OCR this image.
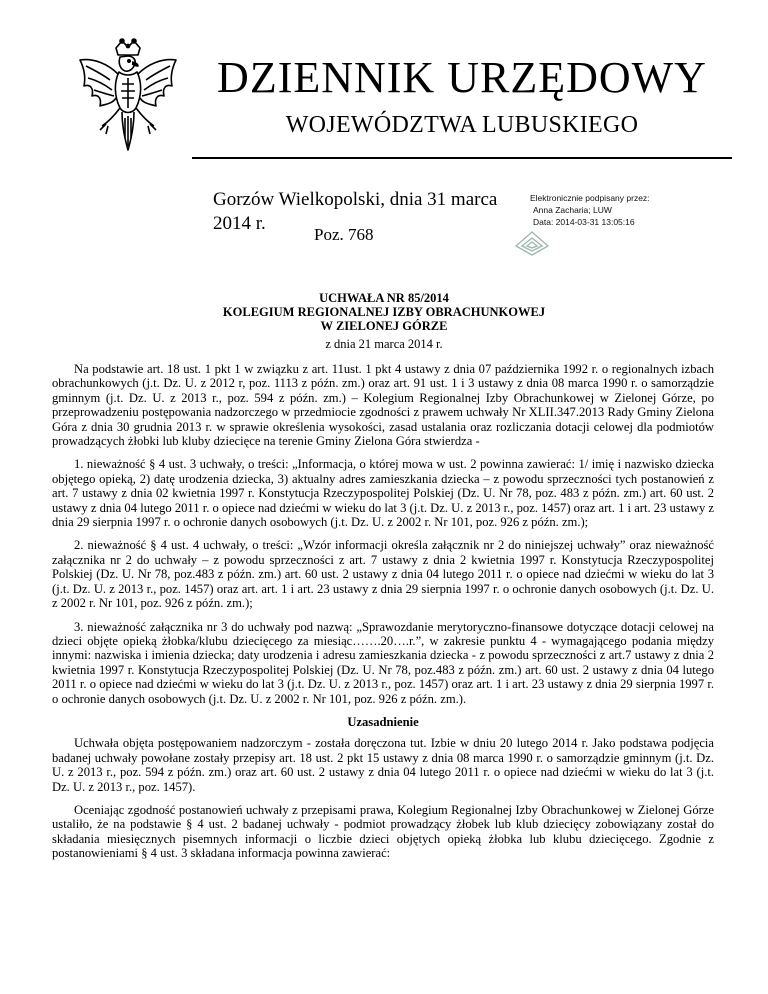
DZIENNIK URZĘDOWY
WOJEWÓDZTWA LUBUSKIEGO
Gorzów Wielkopolski, dnia 31 marca 2014 r.
Poz. 768
Elektronicznie podpisany przez:
Anna Zacharia; LUW
Data: 2014-03-31 13:05:16
UCHWAŁA NR 85/2014
KOLEGIUM REGIONALNEJ IZBY OBRACHUNKOWEJ
W ZIELONEJ GÓRZE
z dnia 21 marca 2014 r.

Na podstawie art. 18 ust. 1 pkt 1 w związku z art. 11ust. 1 pkt 4 ustawy z dnia 07 października 1992 r. o regionalnych izbach obrachunkowych (j.t. Dz. U. z 2012 r, poz. 1113 z późn. zm.) oraz art. 91 ust. 1 i 3 ustawy z dnia 08 marca 1990 r. o samorządzie gminnym (j.t. Dz. U. z 2013 r., poz. 594 z późn. zm.) – Kolegium Regionalnej Izby Obrachunkowej w Zielonej Górze, po przeprowadzeniu postępowania nadzorczego w przedmiocie zgodności z prawem uchwały Nr XLII.347.2013 Rady Gminy Zielona Góra z dnia 30 grudnia 2013 r. w sprawie określenia wysokości, zasad ustalania oraz rozliczania dotacji celowej dla podmiotów prowadzących żłobki lub kluby dziecięce na terenie Gminy Zielona Góra stwierdza -

1. nieważność § 4 ust. 3 uchwały, o treści: „Informacja, o której mowa w ust. 2 powinna zawierać: 1/ imię i nazwisko dziecka objętego opieką, 2) datę urodzenia dziecka, 3) aktualny adres zamieszkania dziecka – z powodu sprzeczności tych postanowień z art. 7 ustawy z dnia 02 kwietnia 1997 r. Konstytucja Rzeczypospolitej Polskiej (Dz. U. Nr 78, poz. 483 z późn. zm.) art. 60 ust. 2 ustawy z dnia 04 lutego 2011 r. o opiece nad dziećmi w wieku do lat 3 (j.t. Dz. U. z 2013 r., poz. 1457) oraz art. 1 i art. 23 ustawy z dnia 29 sierpnia 1997 r. o ochronie danych osobowych (j.t. Dz. U. z 2002 r. Nr 101, poz. 926 z późn. zm.);

2. nieważność § 4 ust. 4 uchwały, o treści: „Wzór informacji określa załącznik nr 2 do niniejszej uchwały” oraz nieważność załącznika nr 2 do uchwały – z powodu sprzeczności z art. 7 ustawy z dnia 2 kwietnia 1997 r. Konstytucja Rzeczypospolitej Polskiej (Dz. U. Nr 78, poz.483 z późn. zm.) art. 60 ust. 2 ustawy z dnia 04 lutego 2011 r. o opiece nad dziećmi w wieku do lat 3 (j.t. Dz. U. z 2013 r., poz. 1457) oraz art. art. 1 i art. 23 ustawy z dnia 29 sierpnia 1997 r. o ochronie danych osobowych (j.t. Dz. U. z 2002 r. Nr 101, poz. 926 z późn. zm.);

3. nieważność załącznika nr 3 do uchwały pod nazwą: „Sprawozdanie merytoryczno-finansowe dotyczące dotacji celowej na dzieci objęte opieką żłobka/klubu dziecięcego za miesiąc…….20….r.”, w zakresie punktu 4 - wymagającego podania między innymi: nazwiska i imienia dziecka; daty urodzenia i adresu zamieszkania dziecka - z powodu sprzeczności z art.7 ustawy z dnia 2 kwietnia 1997 r. Konstytucja Rzeczypospolitej Polskiej (Dz. U. Nr 78, poz.483 z późn. zm.) art. 60 ust. 2 ustawy z dnia 04 lutego 2011 r. o opiece nad dziećmi w wieku do lat 3 (j.t. Dz. U. z 2013 r., poz. 1457) oraz art. 1 i art. 23 ustawy z dnia 29 sierpnia 1997 r. o ochronie danych osobowych (j.t. Dz. U. z 2002 r. Nr 101, poz. 926 z późn. zm.).

Uzasadnienie

Uchwała objęta postępowaniem nadzorczym - została doręczona tut. Izbie w dniu 20 lutego 2014 r. Jako podstawa podjęcia badanej uchwały powołane zostały przepisy art. 18 ust. 2 pkt 15 ustawy z dnia 08 marca 1990 r. o samorządzie gminnym (j.t. Dz. U. z 2013 r., poz. 594 z późn. zm.) oraz art. 60 ust. 2 ustawy z dnia 04 lutego 2011 r. o opiece nad dziećmi w wieku do lat 3 (j.t. Dz. U. z 2013 r., poz. 1457).

Oceniając zgodność postanowień uchwały z przepisami prawa, Kolegium Regionalnej Izby Obrachunkowej w Zielonej Górze ustaliło, że na podstawie § 4 ust. 2 badanej uchwały - podmiot prowadzący żłobek lub klub dziecięcy zobowiązany został do składania miesięcznych pisemnych informacji o liczbie dzieci objętych opieką żłobka lub klubu dziecięcego. Zgodnie z postanowieniami § 4 ust. 3 składana informacja powinna zawierać:
